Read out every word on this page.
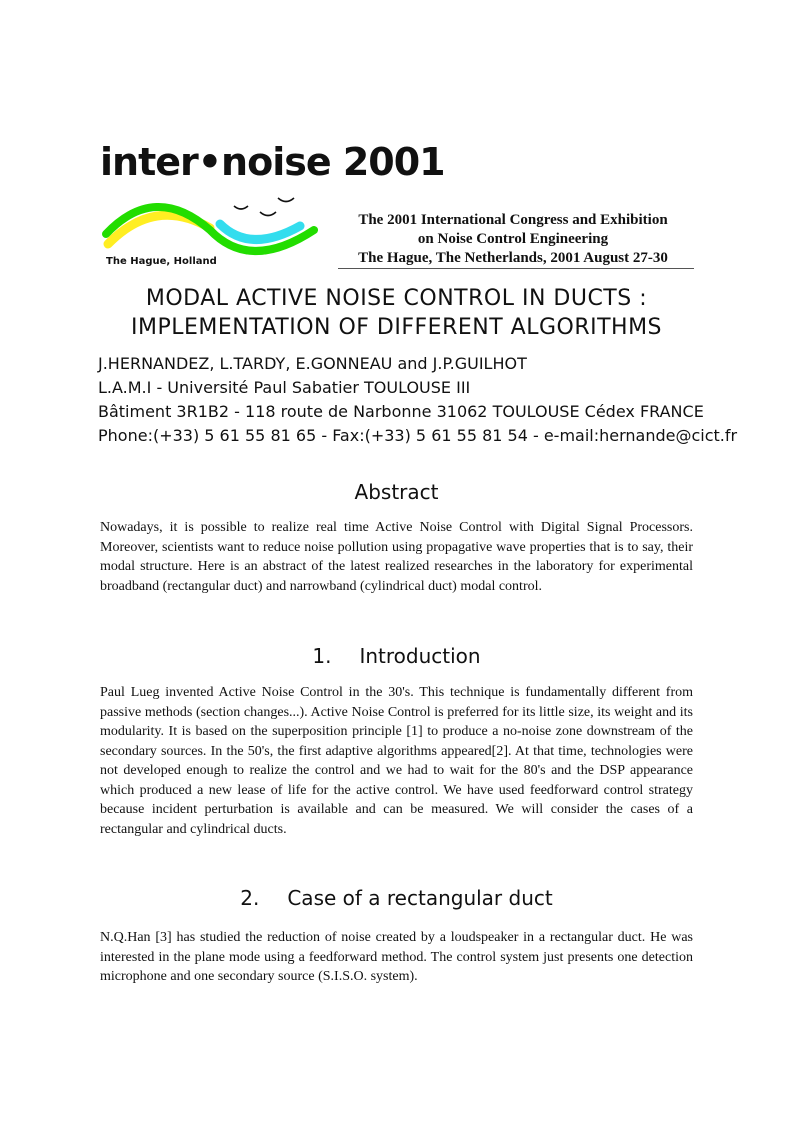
inter•noise 2001
The Hague, Holland
The 2001 International Congress and Exhibition
on Noise Control Engineering
The Hague, The Netherlands, 2001 August 27-30
MODAL ACTIVE NOISE CONTROL IN DUCTS :
IMPLEMENTATION OF DIFFERENT ALGORITHMS
J.HERNANDEZ, L.TARDY, E.GONNEAU and J.P.GUILHOT
L.A.M.I - Université Paul Sabatier TOULOUSE III
Bâtiment 3R1B2 - 118 route de Narbonne 31062 TOULOUSE Cédex FRANCE
Phone:(+33) 5 61 55 81 65 - Fax:(+33) 5 61 55 81 54 - e-mail:hernande@cict.fr
Abstract
Nowadays, it is possible to realize real time Active Noise Control with Digital Signal Processors. Moreover, scientists want to reduce noise pollution using propagative wave properties that is to say, their modal structure. Here is an abstract of the latest realized researches in the laboratory for experimental broadband (rectangular duct) and narrowband (cylindrical duct) modal control.
1. Introduction
Paul Lueg invented Active Noise Control in the 30's. This technique is fundamentally different from passive methods (section changes...). Active Noise Control is preferred for its little size, its weight and its modularity. It is based on the superposition principle [1] to produce a no-noise zone downstream of the secondary sources. In the 50's, the first adaptive algorithms appeared[2]. At that time, technologies were not developed enough to realize the control and we had to wait for the 80's and the DSP appearance which produced a new lease of life for the active control. We have used feedforward control strategy because incident perturbation is available and can be measured. We will consider the cases of a rectangular and cylindrical ducts.
2. Case of a rectangular duct
N.Q.Han [3] has studied the reduction of noise created by a loudspeaker in a rectangular duct. He was interested in the plane mode using a feedforward method. The control system just presents one detection microphone and one secondary source (S.I.S.O. system).
